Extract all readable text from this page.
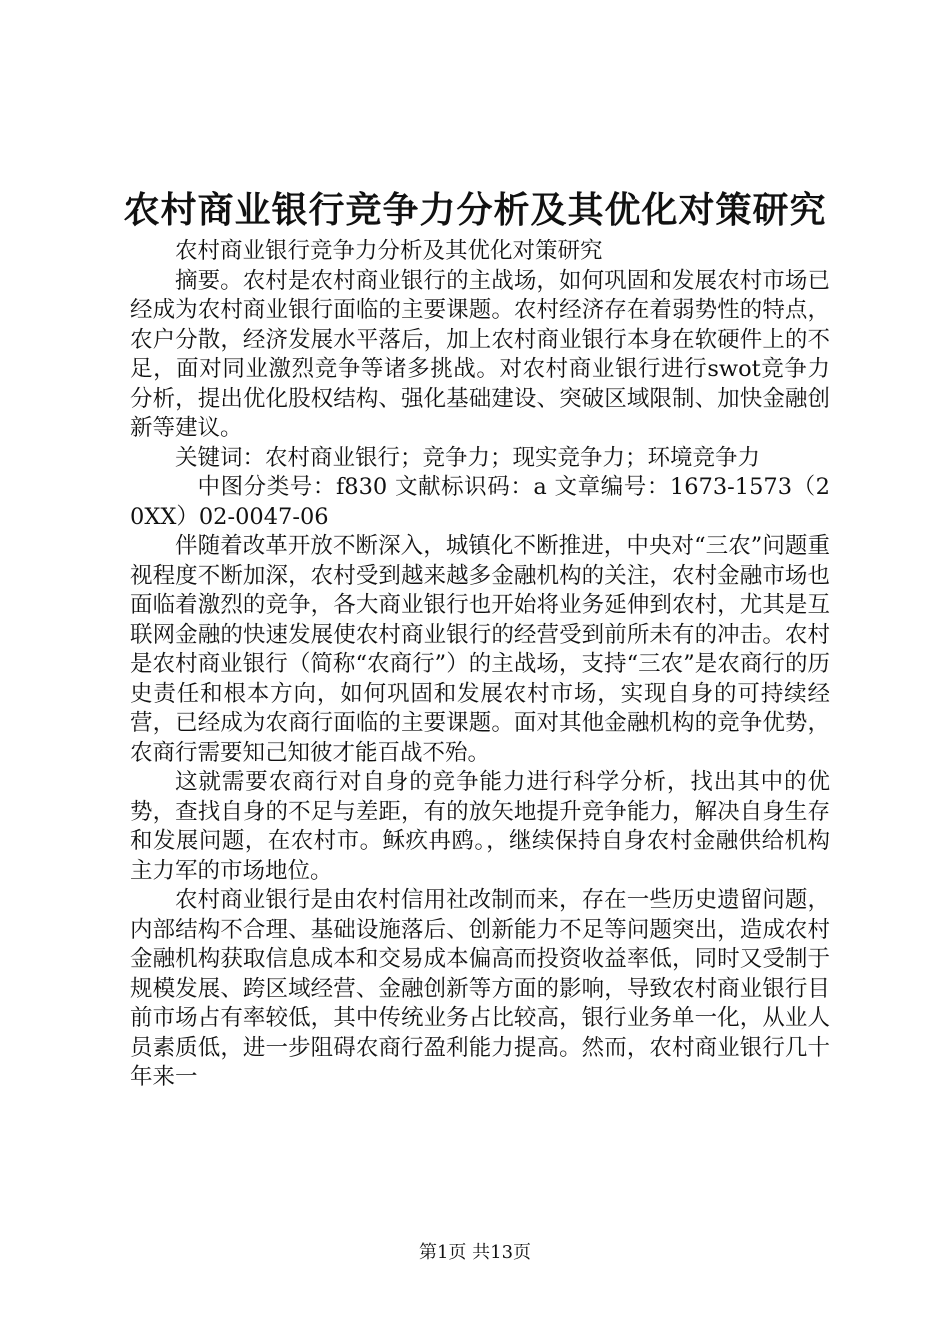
农村商业银行竞争力分析及其优化对策研究

农村商业银行竞争力分析及其优化对策研究

摘要。农村是农村商业银行的主战场，如何巩固和发展农村市场已经成为农村商业银行面临的主要课题。农村经济存在着弱势性的特点，农户分散，经济发展水平落后，加上农村商业银行本身在软硬件上的不足，面对同业激烈竞争等诸多挑战。对农村商业银行进行swot竞争力分析，提出优化股权结构、强化基础建设、突破区域限制、加快金融创新等建议。

关键词：农村商业银行；竞争力；现实竞争力；环境竞争力

中图分类号：f830 文献标识码：a 文章编号：1673-1573（20XX）02-0047-06

伴随着改革开放不断深入，城镇化不断推进，中央对“三农”问题重视程度不断加深，农村受到越来越多金融机构的关注，农村金融市场也面临着激烈的竞争，各大商业银行也开始将业务延伸到农村，尤其是互联网金融的快速发展使农村商业银行的经营受到前所未有的冲击。农村是农村商业银行（简称“农商行”）的主战场，支持“三农”是农商行的历史责任和根本方向，如何巩固和发展农村市场，实现自身的可持续经营，已经成为农商行面临的主要课题。面对其他金融机构的竞争优势，农商行需要知己知彼才能百战不殆。

这就需要农商行对自身的竞争能力进行科学分析，找出其中的优势，查找自身的不足与差距，有的放矢地提升竞争能力，解决自身生存和发展问题，在农村市。稣疚冉鸥。，继续保持自身农村金融供给机构主力军的市场地位。

农村商业银行是由农村信用社改制而来，存在一些历史遗留问题，内部结构不合理、基础设施落后、创新能力不足等问题突出，造成农村金融机构获取信息成本和交易成本偏高而投资收益率低，同时又受制于规模发展、跨区域经营、金融创新等方面的影响，导致农村商业银行目前市场占有率较低，其中传统业务占比较高，银行业务单一化，从业人员素质低，进一步阻碍农商行盈利能力提高。然而，农村商业银行几十年来一

第1页 共13页
